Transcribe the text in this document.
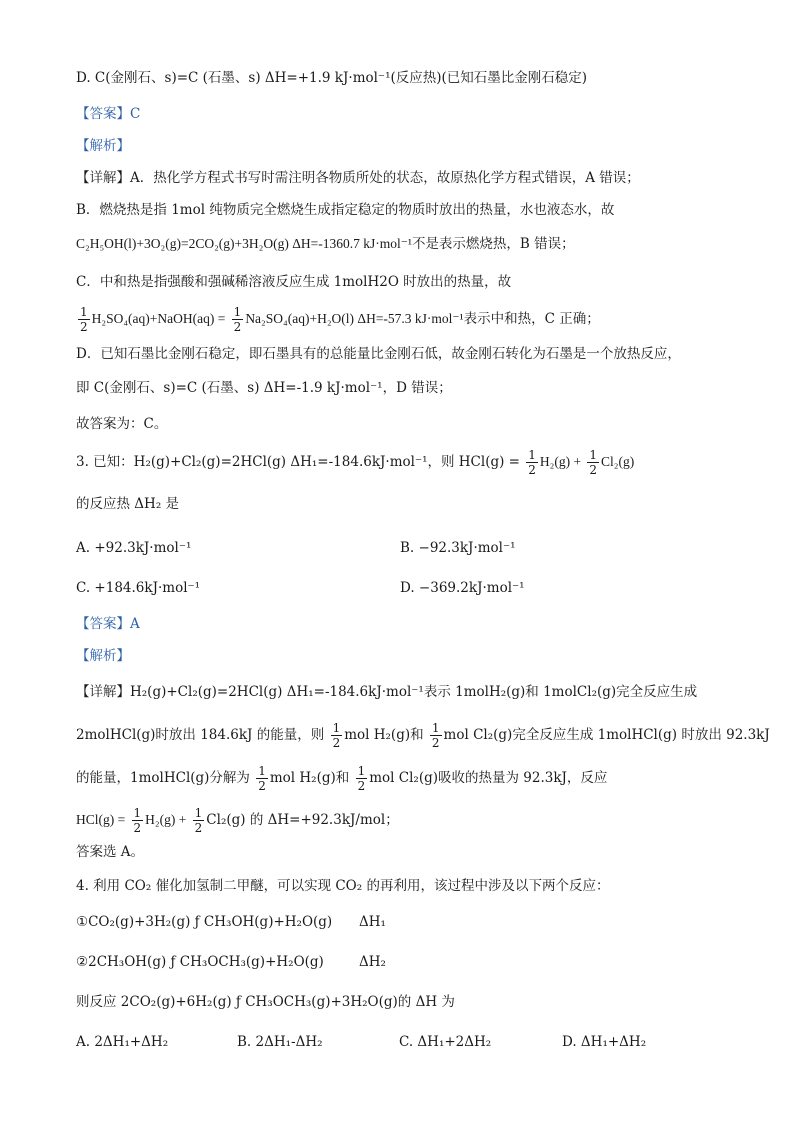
D. C(金刚石、s)=C (石墨、s) ΔH=+1.9 kJ·mol⁻¹(反应热)(已知石墨比金刚石稳定)
【答案】C
【解析】
【详解】A．热化学方程式书写时需注明各物质所处的状态，故原热化学方程式错误，A 错误；
B．燃烧热是指 1mol 纯物质完全燃烧生成指定稳定的物质时放出的热量，水也液态水，故
C₂H₅OH(l)+3O₂(g)=2CO₂(g)+3H₂O(g) ΔH=-1360.7 kJ·mol⁻¹不是表示燃烧热，B 错误；
C．中和热是指强酸和强碱稀溶液反应生成 1molH2O 时放出的热量，故
$\frac{1}{2}$ H₂SO₄(aq)+NaOH(aq) = $\frac{1}{2} Na_2SO_4(aq)+H_2O(l)$ ΔH=-57.3 kJ·mol⁻¹表示中和热，C 正确；
D．已知石墨比金刚石稳定，即石墨具有的总能量比金刚石低，故金刚石转化为石墨是一个放热反应，
即 C(金刚石、s)=C (石墨、s) ΔH=-1.9 kJ·mol⁻¹，D 错误；
故答案为：C。
3. 已知：H₂(g)+Cl₂(g)=2HCl(g) ΔH₁=-184.6kJ·mol⁻¹，则 $HCl(g) = \frac{1}{2} H_2(g) + \frac{1}{2} Cl_2(g)$
的反应热 ΔH₂ 是
A. +92.3kJ·mol⁻¹	B. −92.3kJ·mol⁻¹
C. +184.6kJ·mol⁻¹	D. −369.2kJ·mol⁻¹
【答案】A
【解析】
【详解】H₂(g)+Cl₂(g)=2HCl(g) ΔH₁=-184.6kJ·mol⁻¹表示 1molH₂(g)和 1molCl₂(g)完全反应生成
2molHCl(g)时放出 184.6kJ 的能量，则 $\frac{1}{2}$ mol H₂(g)和 $\frac{1}{2}$ mol Cl₂(g)完全反应生成 1molHCl(g) 时放出 92.3kJ
的能量，1molHCl(g)分解为 $\frac{1}{2}$ mol H₂(g)和 $\frac{1}{2}$ mol Cl₂(g)吸收的热量为 92.3kJ，反应
$HCl(g) = \frac{1}{2} H_2(g) + \frac{1}{2} Cl_2(g)$ 的 ΔH=+92.3kJ/mol；
答案选 A。
4. 利用 CO₂ 催化加氢制二甲醚，可以实现 CO₂ 的再利用，该过程中涉及以下两个反应：
①CO₂(g)+3H₂(g) ƒ CH₃OH(g)+H₂O(g) ΔH₁
②2CH₃OH(g) ƒ CH₃OCH₃(g)+H₂O(g)	ΔH₂
则反应 2CO₂(g)+6H₂(g) ƒ CH₃OCH₃(g)+3H₂O(g)的 ΔH 为
A. 2ΔH₁+ΔH₂	B. 2ΔH₁-ΔH₂	C. ΔH₁+2ΔH₂	D. ΔH₁+ΔH₂
